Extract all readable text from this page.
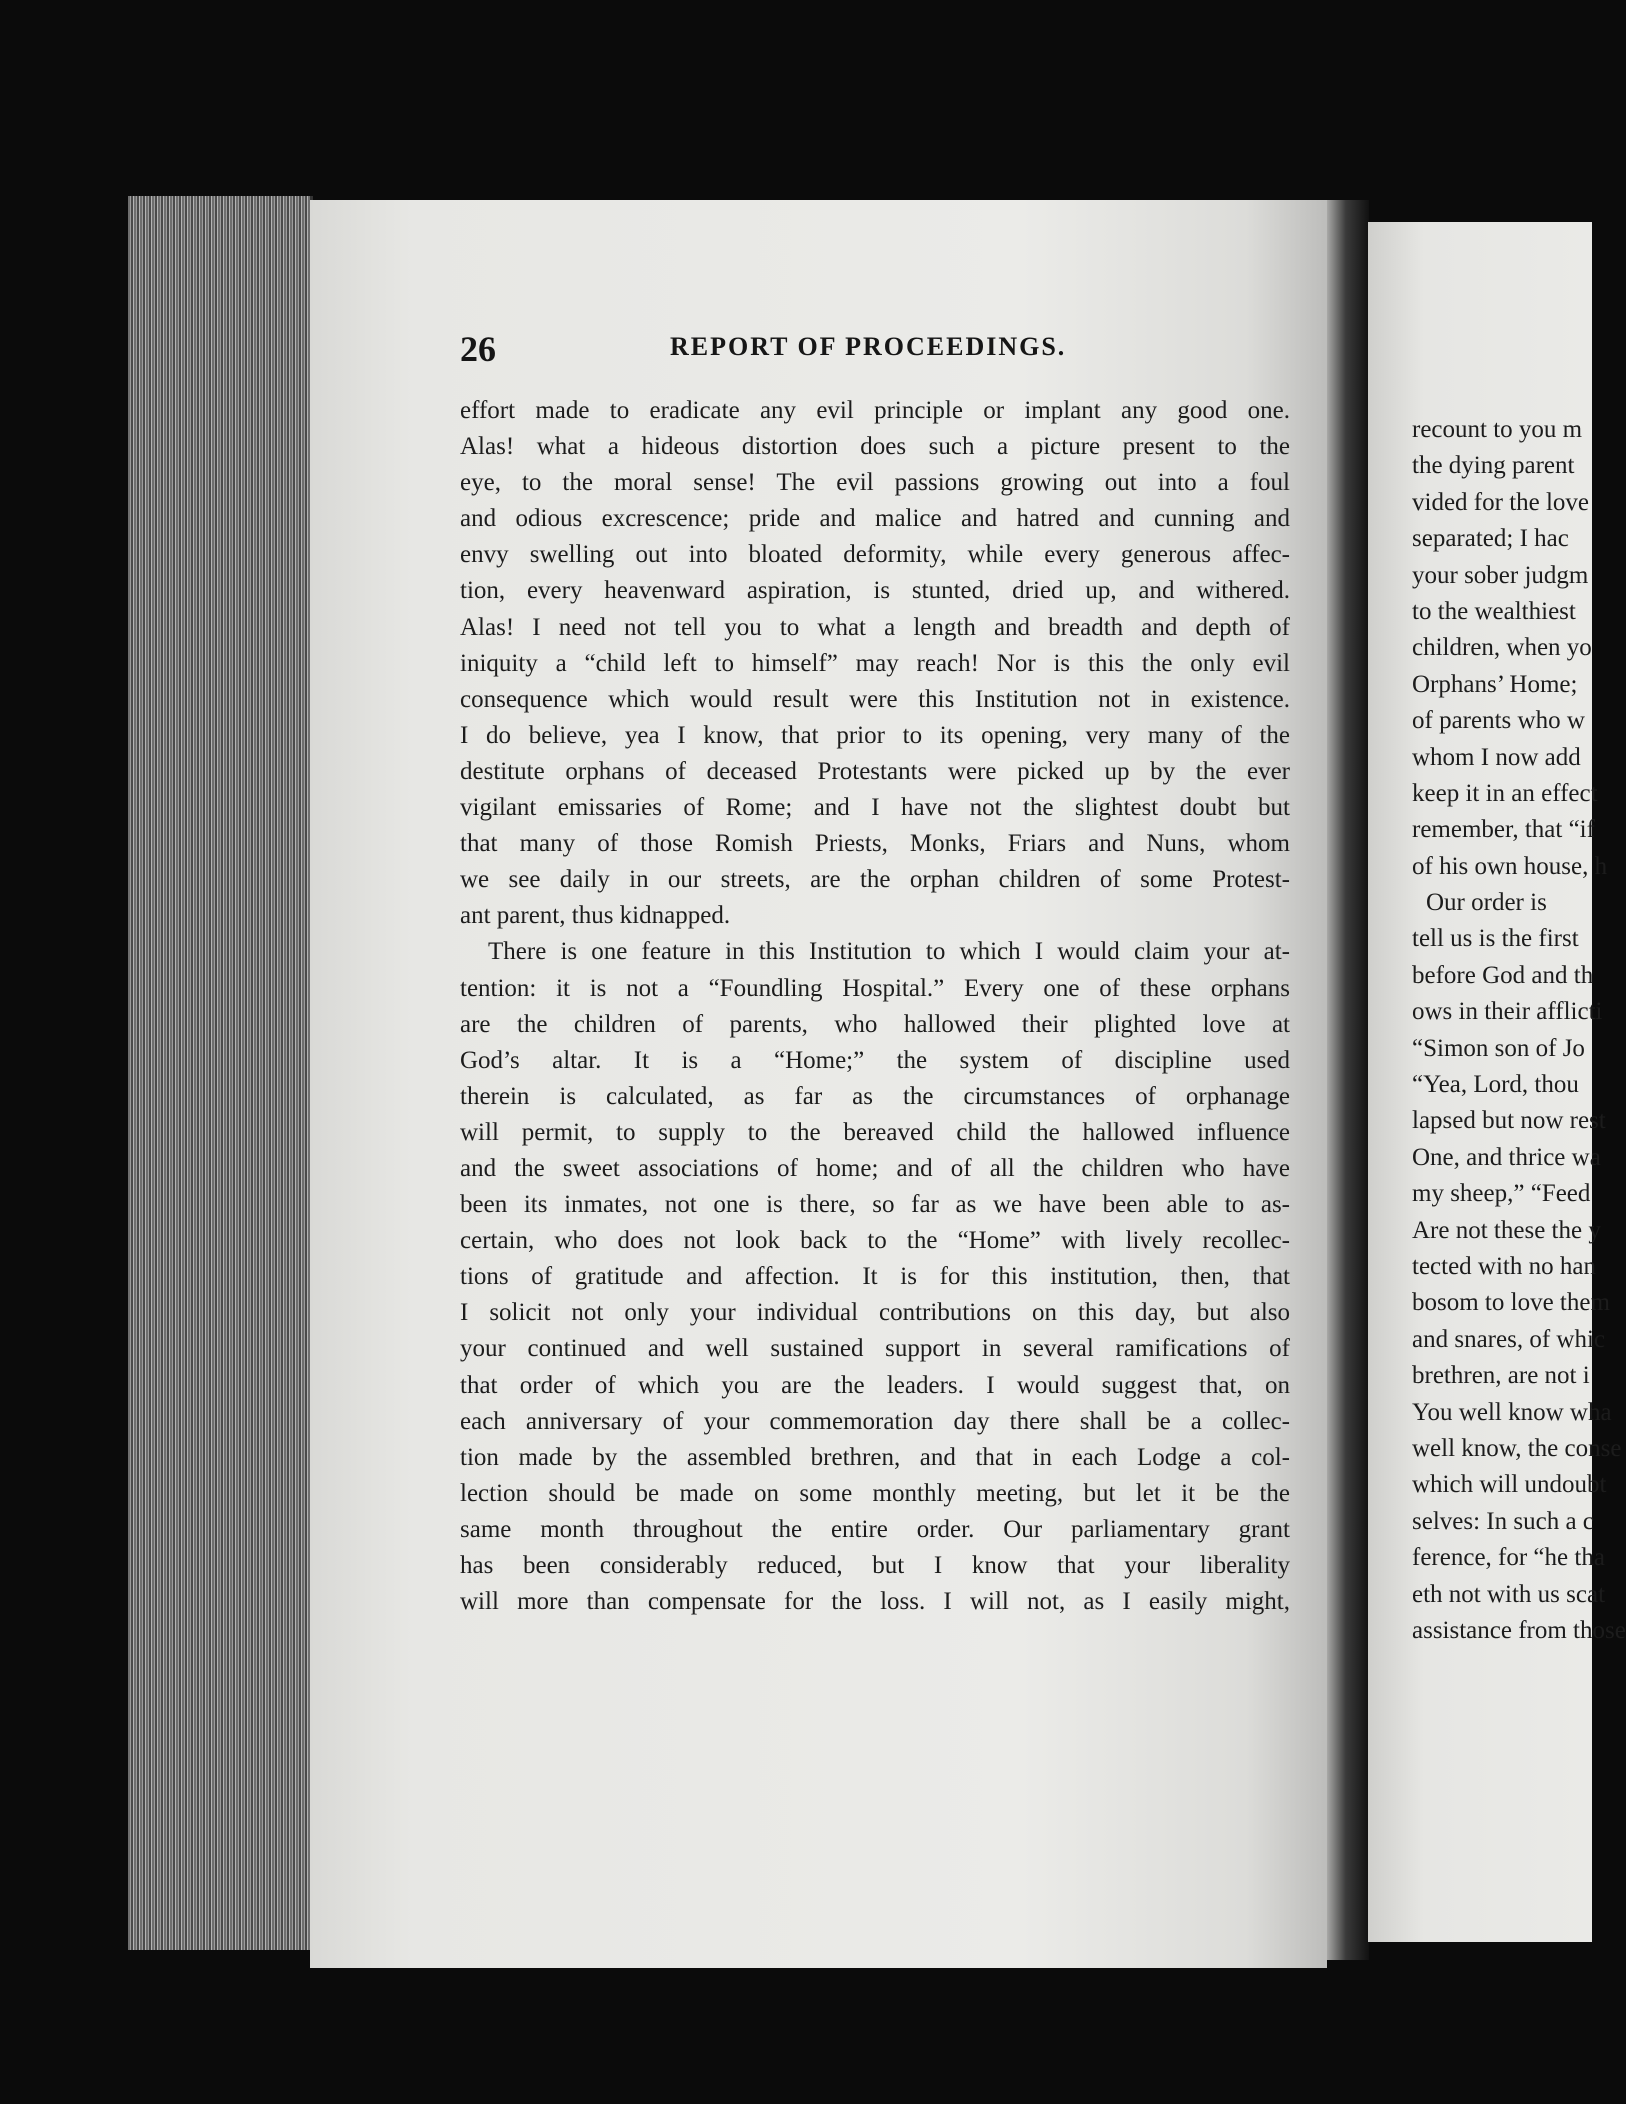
26	REPORT OF PROCEEDINGS.
effort made to eradicate any evil principle or implant any good one.
Alas! what a hideous distortion does such a picture present to the
eye, to the moral sense! The evil passions growing out into a foul
and odious excrescence; pride and malice and hatred and cunning and
envy swelling out into bloated deformity, while every generous affec-
tion, every heavenward aspiration, is stunted, dried up, and withered.
Alas! I need not tell you to what a length and breadth and depth of
iniquity a “child left to himself” may reach! Nor is this the only evil
consequence which would result were this Institution not in existence.
I do believe, yea I know, that prior to its opening, very many of the
destitute orphans of deceased Protestants were picked up by the ever
vigilant emissaries of Rome; and I have not the slightest doubt but
that many of those Romish Priests, Monks, Friars and Nuns, whom
we see daily in our streets, are the orphan children of some Protest-
ant parent, thus kidnapped.
There is one feature in this Institution to which I would claim your at-
tention: it is not a “Foundling Hospital.” Every one of these orphans
are the children of parents, who hallowed their plighted love at
God’s altar. It is a “Home;” the system of discipline used
therein is calculated, as far as the circumstances of orphanage
will permit, to supply to the bereaved child the hallowed influence
and the sweet associations of home; and of all the children who have
been its inmates, not one is there, so far as we have been able to as-
certain, who does not look back to the “Home” with lively recollec-
tions of gratitude and affection. It is for this institution, then, that
I solicit not only your individual contributions on this day, but also
your continued and well sustained support in several ramifications of
that order of which you are the leaders. I would suggest that, on
each anniversary of your commemoration day there shall be a collec-
tion made by the assembled brethren, and that in each Lodge a col-
lection should be made on some monthly meeting, but let it be the
same month throughout the entire order. Our parliamentary grant
has been considerably reduced, but I know that your liberality
will more than compensate for the loss. I will not, as I easily might,
recount to you m
the dying parent
vided for the love
separated; I hac
your sober judgm
to the wealthiest
children, when yo
Orphans’ Home;
of parents who w
whom I now add
keep it in an effect
remember, that “if
of his own house, h
Our order is
tell us is the first
before God and th
ows in their afflicti
“Simon son of Jo
“Yea, Lord, thou
lapsed but now rest
One, and thrice wa
my sheep,” “Feed
Are not these the y
tected with no han
bosom to love them
and snares, of whic
brethren, are not i
You well know wha
well know, the conse
which will undoubt
selves: In such a c
ference, for “he tha
eth not with us scat
assistance from those
